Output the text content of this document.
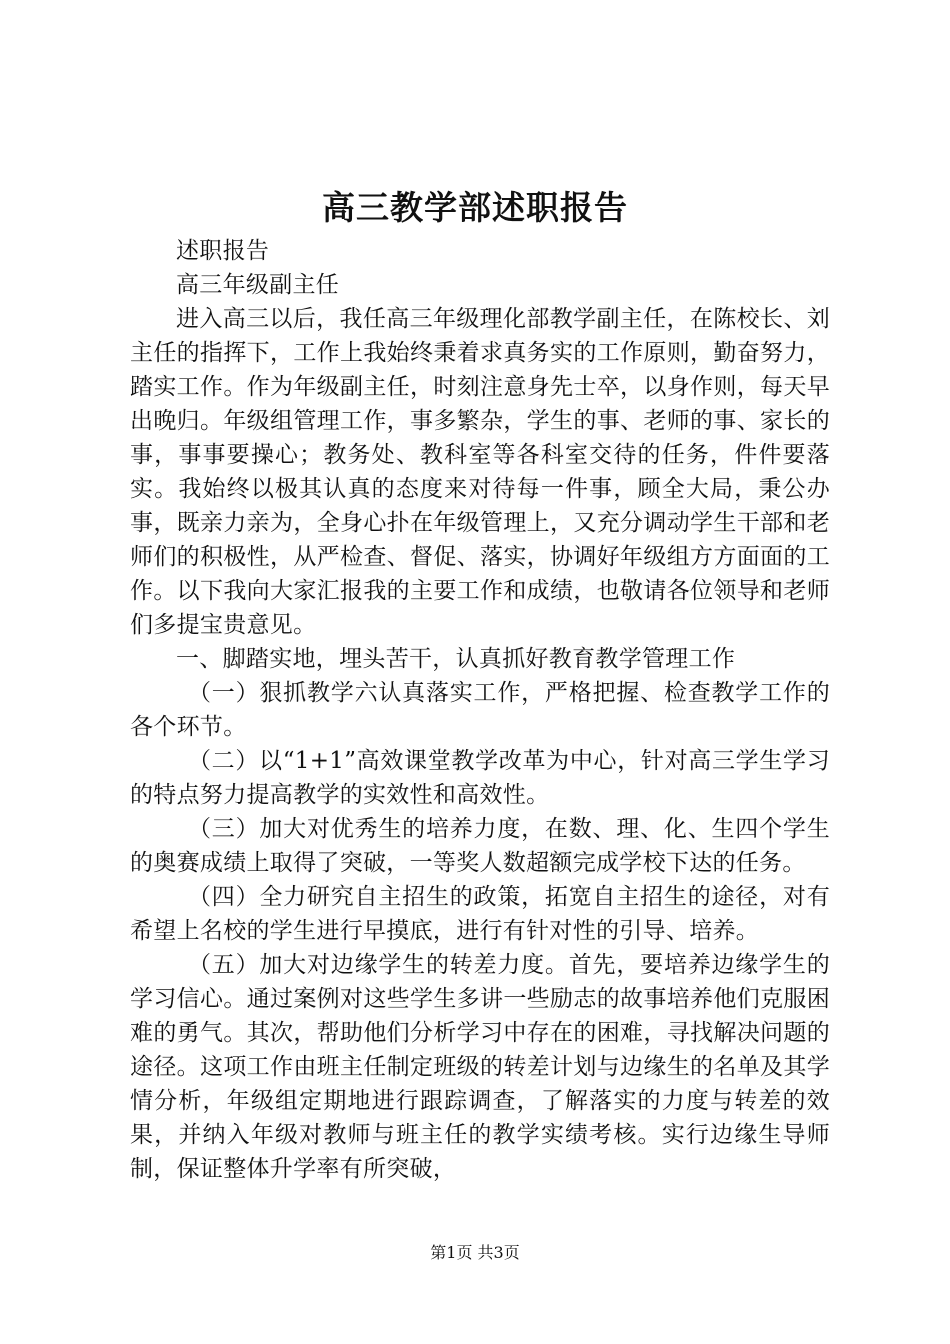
高三教学部述职报告

述职报告

高三年级副主任

进入高三以后，我任高三年级理化部教学副主任，在陈校长、刘主任的指挥下，工作上我始终秉着求真务实的工作原则，勤奋努力，踏实工作。作为年级副主任，时刻注意身先士卒，以身作则，每天早出晚归。年级组管理工作，事多繁杂，学生的事、老师的事、家长的事，事事要操心；教务处、教科室等各科室交待的任务，件件要落实。我始终以极其认真的态度来对待每一件事，顾全大局，秉公办事，既亲力亲为，全身心扑在年级管理上，又充分调动学生干部和老师们的积极性，从严检查、督促、落实，协调好年级组方方面面的工作。以下我向大家汇报我的主要工作和成绩，也敬请各位领导和老师们多提宝贵意见。

一、脚踏实地，埋头苦干，认真抓好教育教学管理工作

（一）狠抓教学六认真落实工作，严格把握、检查教学工作的各个环节。

（二）以“1+1”高效课堂教学改革为中心，针对高三学生学习的特点努力提高教学的实效性和高效性。

（三）加大对优秀生的培养力度，在数、理、化、生四个学生的奥赛成绩上取得了突破，一等奖人数超额完成学校下达的任务。

（四）全力研究自主招生的政策，拓宽自主招生的途径，对有希望上名校的学生进行早摸底，进行有针对性的引导、培养。

（五）加大对边缘学生的转差力度。首先，要培养边缘学生的学习信心。通过案例对这些学生多讲一些励志的故事培养他们克服困难的勇气。其次，帮助他们分析学习中存在的困难，寻找解决问题的途径。这项工作由班主任制定班级的转差计划与边缘生的名单及其学情分析，年级组定期地进行跟踪调查，了解落实的力度与转差的效果，并纳入年级对教师与班主任的教学实绩考核。实行边缘生导师制，保证整体升学率有所突破，

第1页 共3页
